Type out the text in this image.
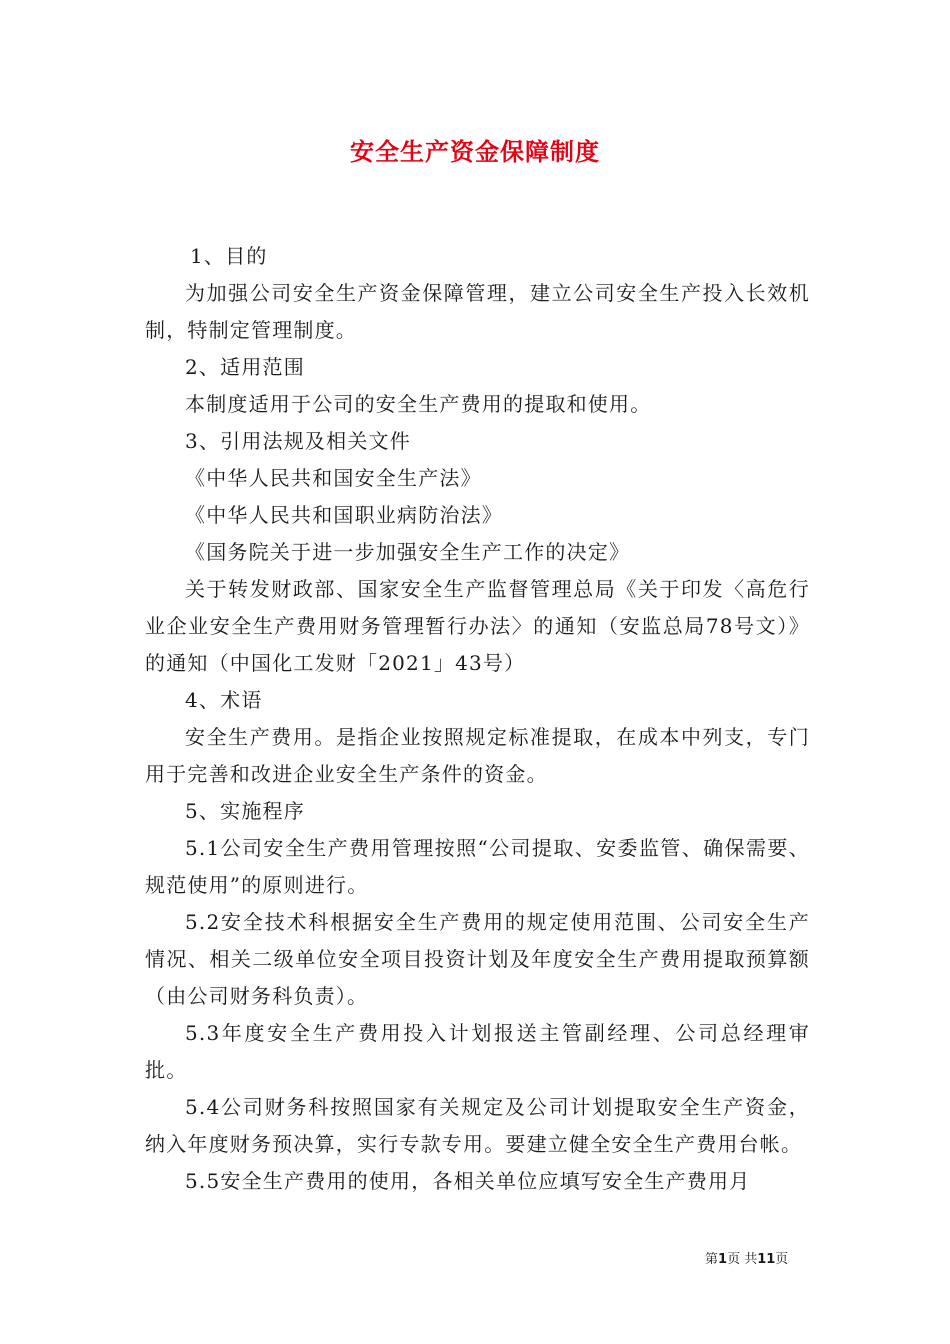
安全生产资金保障制度

1、目的

为加强公司安全生产资金保障管理，建立公司安全生产投入长效机制，特制定管理制度。

2、适用范围

本制度适用于公司的安全生产费用的提取和使用。

3、引用法规及相关文件

《中华人民共和国安全生产法》

《中华人民共和国职业病防治法》

《国务院关于进一步加强安全生产工作的决定》

关于转发财政部、国家安全生产监督管理总局《关于印发〈高危行业企业安全生产费用财务管理暂行办法〉的通知（安监总局78号文）》的通知（中国化工发财「2021」43号）

4、术语

安全生产费用。是指企业按照规定标准提取，在成本中列支，专门用于完善和改进企业安全生产条件的资金。

5、实施程序

5.1公司安全生产费用管理按照“公司提取、安委监管、确保需要、规范使用”的原则进行。

5.2安全技术科根据安全生产费用的规定使用范围、公司安全生产情况、相关二级单位安全项目投资计划及年度安全生产费用提取预算额（由公司财务科负责）。

5.3年度安全生产费用投入计划报送主管副经理、公司总经理审批。

5.4公司财务科按照国家有关规定及公司计划提取安全生产资金，纳入年度财务预决算，实行专款专用。要建立健全安全生产费用台帐。

5.5安全生产费用的使用，各相关单位应填写安全生产费用月

第1页 共11页
